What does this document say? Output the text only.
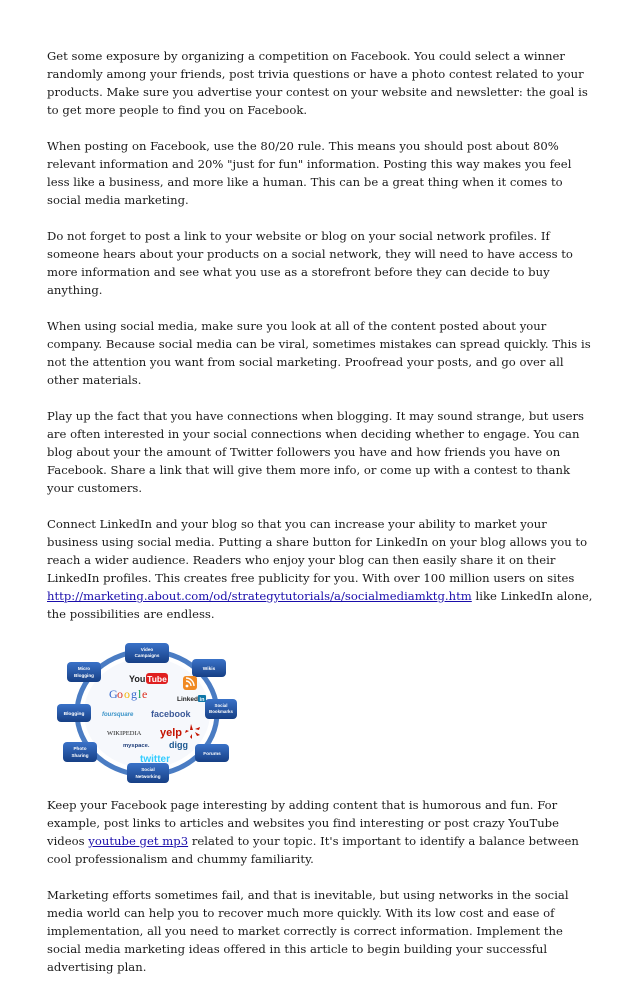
Get some exposure by organizing a competition on Facebook. You could select a winner randomly among your friends, post trivia questions or have a photo contest related to your products. Make sure you advertise your contest on your website and newsletter: the goal is to get more people to find you on Facebook.

When posting on Facebook, use the 80/20 rule. This means you should post about 80% relevant information and 20% "just for fun" information. Posting this way makes you feel less like a business, and more like a human. This can be a great thing when it comes to social media marketing.

Do not forget to post a link to your website or blog on your social network profiles. If someone hears about your products on a social network, they will need to have access to more information and see what you use as a storefront before they can decide to buy anything.

When using social media, make sure you look at all of the content posted about your company. Because social media can be viral, sometimes mistakes can spread quickly. This is not the attention you want from social marketing. Proofread your posts, and go over all other materials.

Play up the fact that you have connections when blogging. It may sound strange, but users are often interested in your social connections when deciding whether to engage. You can blog about your the amount of Twitter followers you have and how friends you have on Facebook. Share a link that will give them more info, or come up with a contest to thank your customers.

Connect LinkedIn and your blog so that you can increase your ability to market your business using social media. Putting a share button for LinkedIn on your blog allows you to reach a wider audience. Readers who enjoy your blog can then easily share it on their LinkedIn profiles. This creates free publicity for you. With over 100 million users on sites http://marketing.about.com/od/strategytutorials/a/socialmediamktg.htm like LinkedIn alone, the possibilities are endless.

Video
Campaigns
Wikis
Social
Bookmarks
Forums
Social
Networking
Photo
Sharing
Blogging
Micro
Blogging	You Tube
G o o g l e	Linked in
foursquare facebook
WIKIPEDIA yelp
myspace. digg
twitter

Keep your Facebook page interesting by adding content that is humorous and fun. For example, post links to articles and websites you find interesting or post crazy YouTube videos youtube get mp3 related to your topic. It's important to identify a balance between cool professionalism and chummy familiarity.

Marketing efforts sometimes fail, and that is inevitable, but using networks in the social media world can help you to recover much more quickly. With its low cost and ease of implementation, all you need to market correctly is correct information. Implement the social media marketing ideas offered in this article to begin building your successful advertising plan.
